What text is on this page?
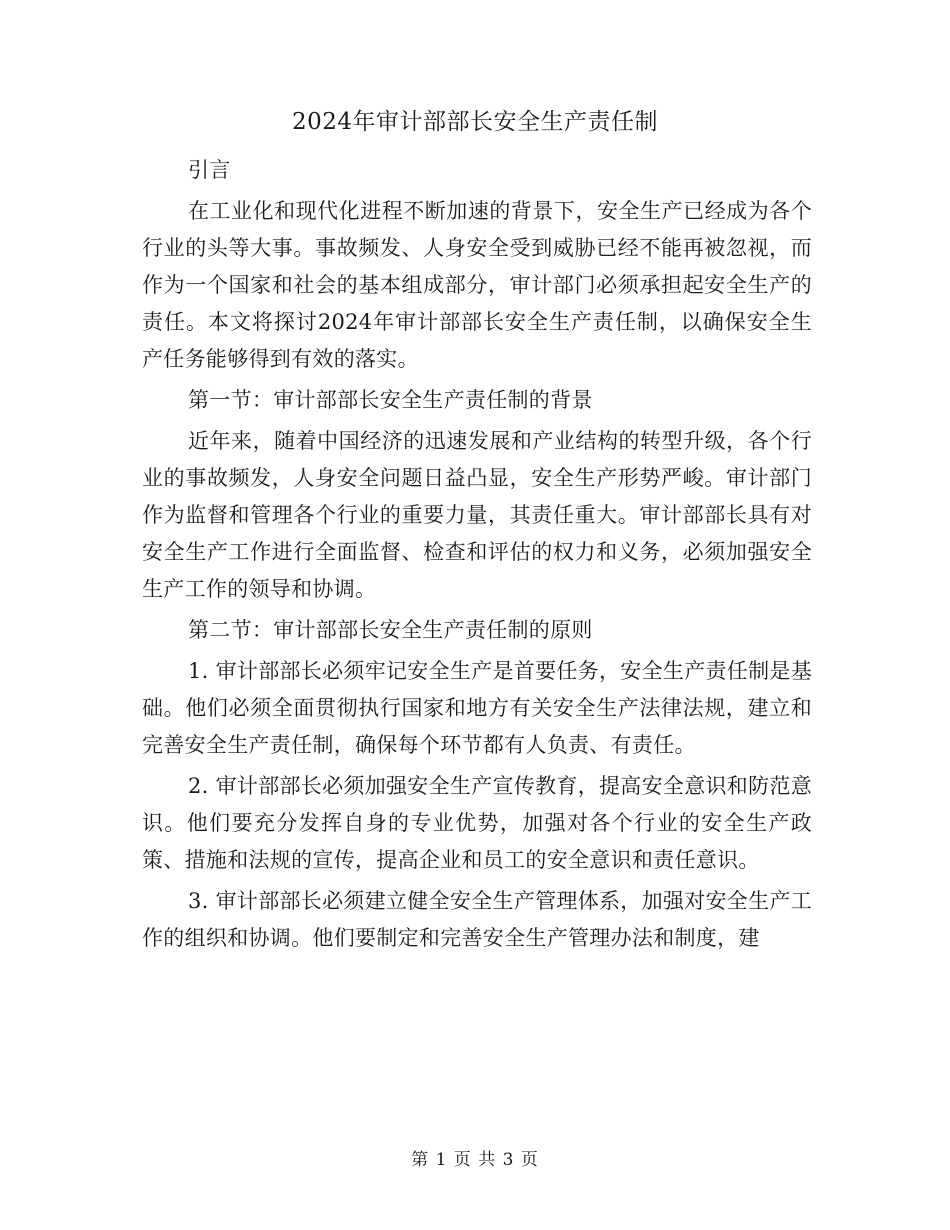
2024年审计部部长安全生产责任制

引言

在工业化和现代化进程不断加速的背景下，安全生产已经成为各个行业的头等大事。事故频发、人身安全受到威胁已经不能再被忽视，而作为一个国家和社会的基本组成部分，审计部门必须承担起安全生产的责任。本文将探讨2024年审计部部长安全生产责任制，以确保安全生产任务能够得到有效的落实。

第一节：审计部部长安全生产责任制的背景

近年来，随着中国经济的迅速发展和产业结构的转型升级，各个行业的事故频发，人身安全问题日益凸显，安全生产形势严峻。审计部门作为监督和管理各个行业的重要力量，其责任重大。审计部部长具有对安全生产工作进行全面监督、检查和评估的权力和义务，必须加强安全生产工作的领导和协调。

第二节：审计部部长安全生产责任制的原则

1. 审计部部长必须牢记安全生产是首要任务，安全生产责任制是基础。他们必须全面贯彻执行国家和地方有关安全生产法律法规，建立和完善安全生产责任制，确保每个环节都有人负责、有责任。

2. 审计部部长必须加强安全生产宣传教育，提高安全意识和防范意识。他们要充分发挥自身的专业优势，加强对各个行业的安全生产政策、措施和法规的宣传，提高企业和员工的安全意识和责任意识。

3. 审计部部长必须建立健全安全生产管理体系，加强对安全生产工作的组织和协调。他们要制定和完善安全生产管理办法和制度，建

第 1 页 共 3 页
